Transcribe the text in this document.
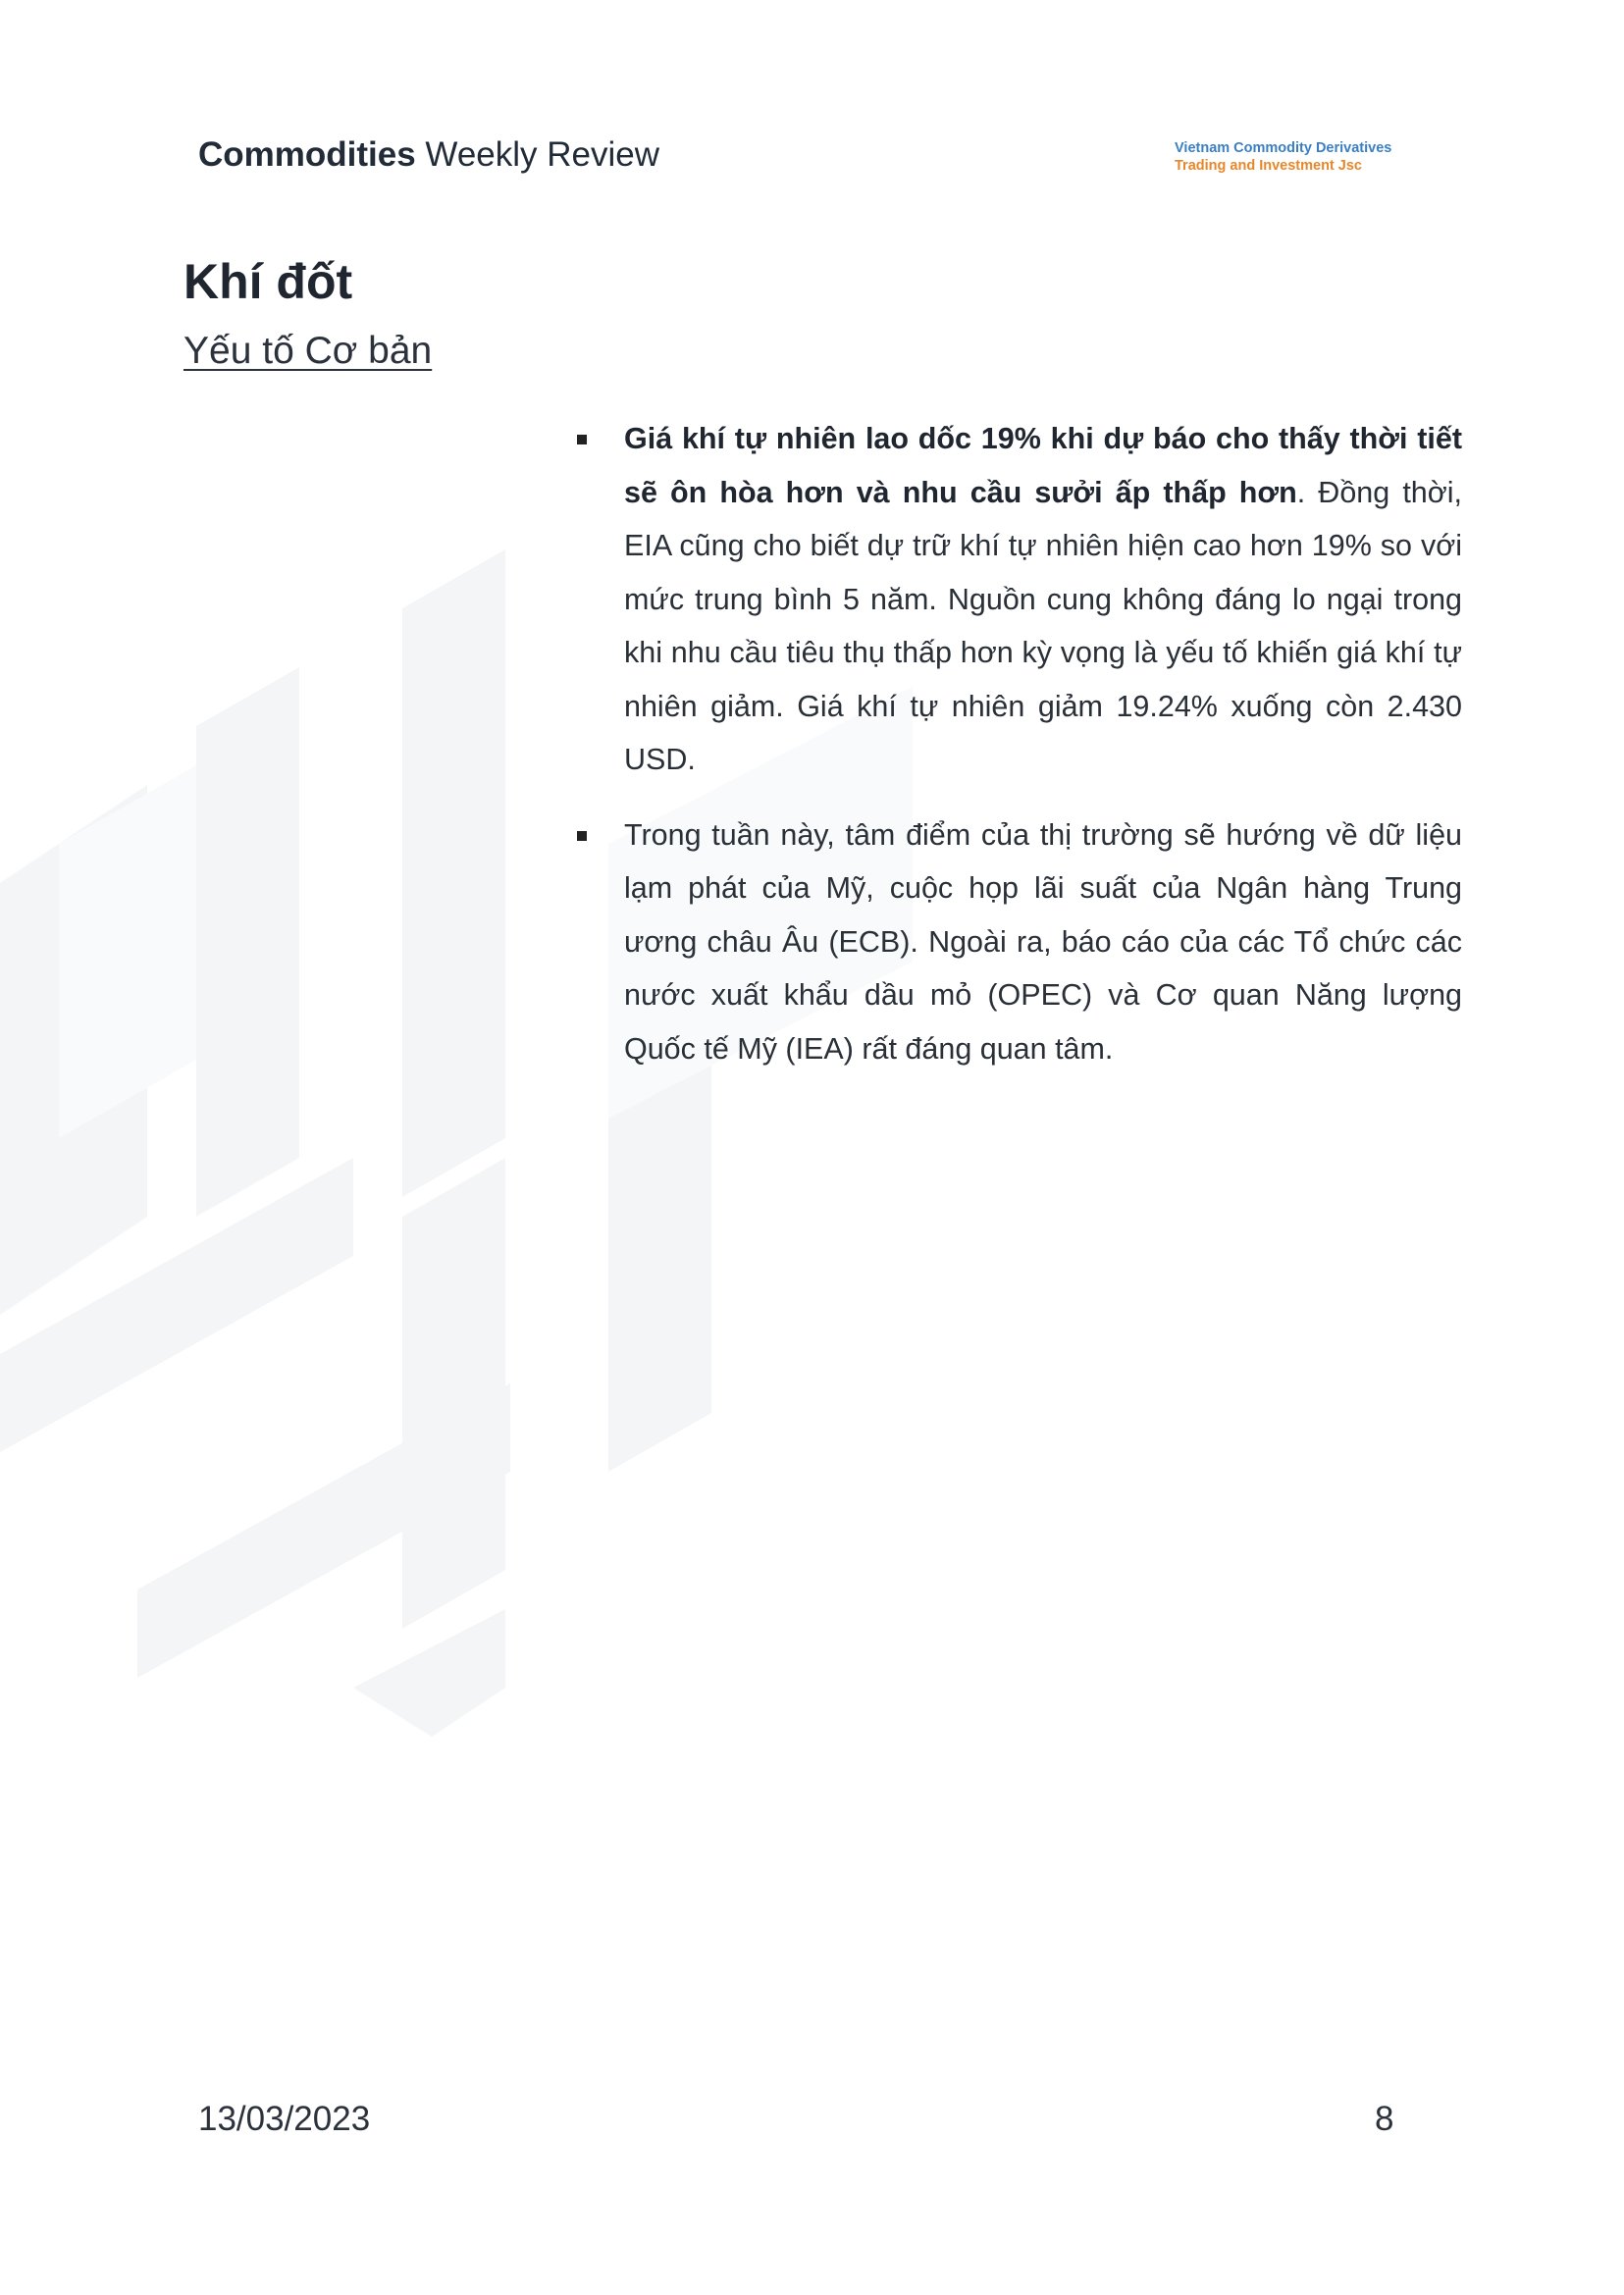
Commodities Weekly Review	Vietnam Commodity Derivatives
Trading and Investment Jsc
Khí đốt
Yếu tố Cơ bản
Giá khí tự nhiên lao dốc 19% khi dự báo cho thấy thời tiết sẽ ôn hòa hơn và nhu cầu sưởi ấp thấp hơn. Đồng thời, EIA cũng cho biết dự trữ khí tự nhiên hiện cao hơn 19% so với mức trung bình 5 năm. Nguồn cung không đáng lo ngại trong khi nhu cầu tiêu thụ thấp hơn kỳ vọng là yếu tố khiến giá khí tự nhiên giảm. Giá khí tự nhiên giảm 19.24% xuống còn 2.430 USD.
Trong tuần này, tâm điểm của thị trường sẽ hướng về dữ liệu lạm phát của Mỹ, cuộc họp lãi suất của Ngân hàng Trung ương châu Âu (ECB). Ngoài ra, báo cáo của các Tổ chức các nước xuất khẩu dầu mỏ (OPEC) và Cơ quan Năng lượng Quốc tế Mỹ (IEA) rất đáng quan tâm.
13/03/2023	8
